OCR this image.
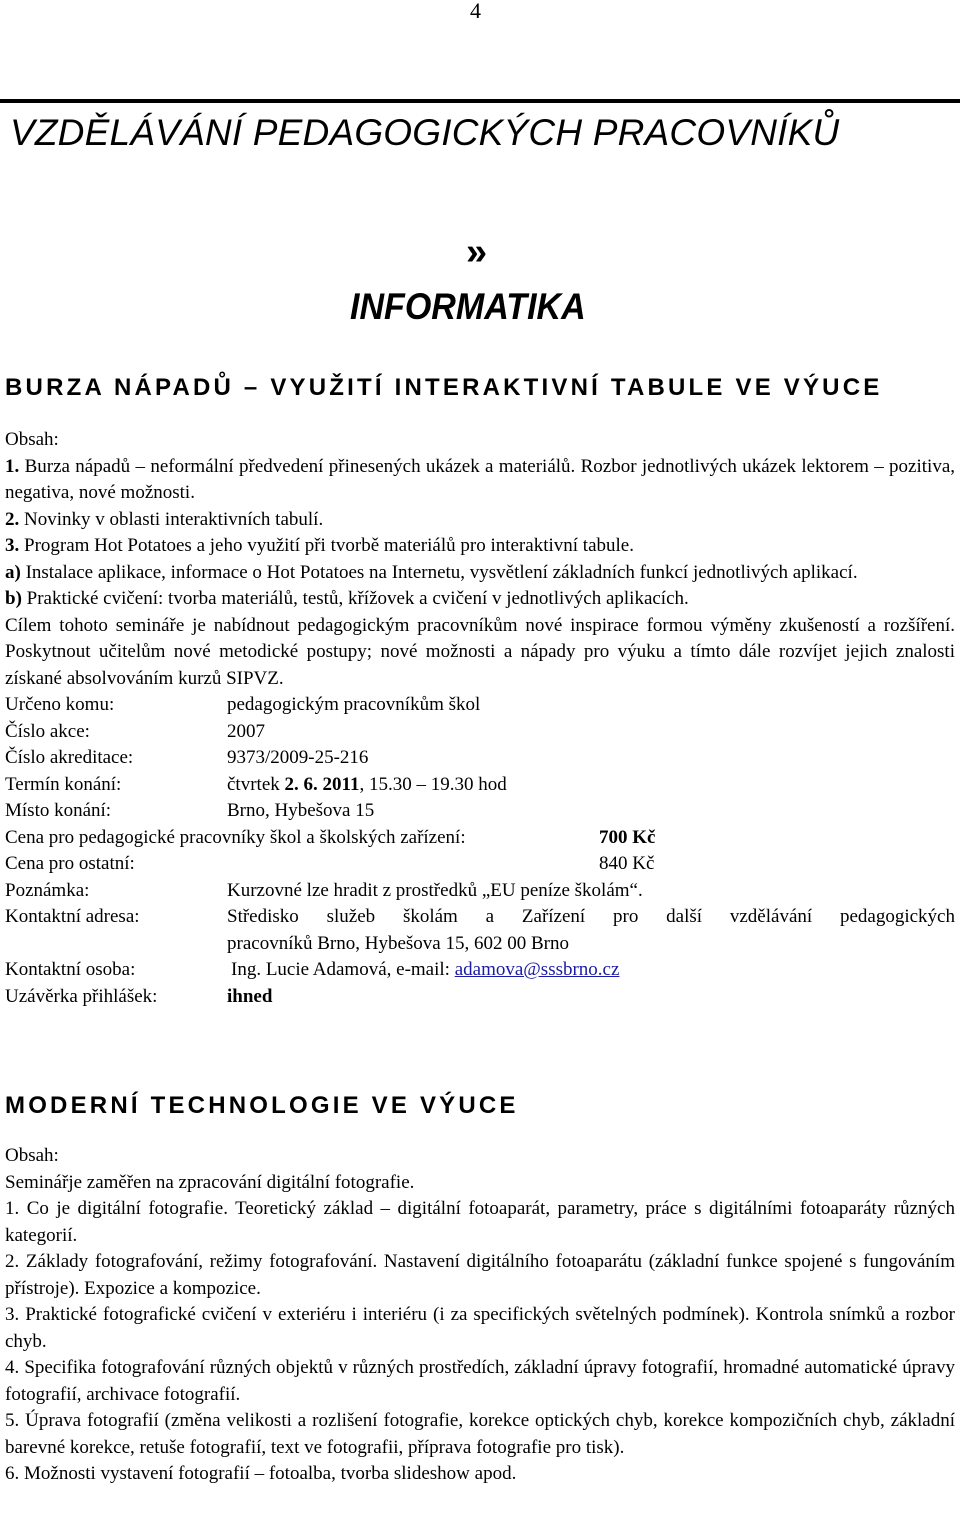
4
VZDĚLÁVÁNÍ PEDAGOGICKÝCH PRACOVNÍKŮ
»
INFORMATIKA
BURZA NÁPADŮ – VYUŽITÍ INTERAKTIVNÍ TABULE VE VÝUCE
Obsah:
1. Burza nápadů – neformální předvedení přinesených ukázek a materiálů. Rozbor jednotlivých ukázek lektorem – pozitiva, negativa, nové možnosti.
2. Novinky v oblasti interaktivních tabulí.
3. Program Hot Potatoes a jeho využití při tvorbě materiálů pro interaktivní tabule.
a) Instalace aplikace, informace o Hot Potatoes na Internetu, vysvětlení základních funkcí jednotlivých aplikací.
b) Praktické cvičení: tvorba materiálů, testů, křížovek a cvičení v jednotlivých aplikacích.
Cílem tohoto semináře je nabídnout pedagogickým pracovníkům nové inspirace formou výměny zkušeností a rozšíření. Poskytnout učitelům nové metodické postupy; nové možnosti a nápady pro výuku a tímto dále rozvíjet jejich znalosti získané absolvováním kurzů SIPVZ.
Určeno komu:	pedagogickým pracovníkům škol
Číslo akce:	2007
Číslo akreditace:	9373/2009-25-216
Termín konání:	čtvrtek 2. 6. 2011, 15.30 – 19.30 hod
Místo konání:	Brno, Hybešova 15
Cena pro pedagogické pracovníky škol a školských zařízení:	700 Kč
Cena pro ostatní:	840 Kč
Poznámka:	Kurzovné lze hradit z prostředků „EU peníze školám“.
Kontaktní adresa:	Středisko služeb školám a Zařízení pro další vzdělávání pedagogických
pracovníků Brno, Hybešova 15, 602 00 Brno
Kontaktní osoba:	Ing. Lucie Adamová, e-mail: adamova@sssbrno.cz
Uzávěrka přihlášek:	ihned
MODERNÍ TECHNOLOGIE VE VÝUCE
Obsah:
Seminářje zaměřen na zpracování digitální fotografie.
1. Co je digitální fotografie. Teoretický základ – digitální fotoaparát, parametry, práce s digitálními fotoaparáty různých kategorií.
2. Základy fotografování, režimy fotografování. Nastavení digitálního fotoaparátu (základní funkce spojené s fungováním přístroje). Expozice a kompozice.
3. Praktické fotografické cvičení v exteriéru i interiéru (i za specifických světelných podmínek). Kontrola snímků a rozbor chyb.
4. Specifika fotografování různých objektů v různých prostředích, základní úpravy fotografií, hromadné automatické úpravy fotografií, archivace fotografií.
5. Úprava fotografií (změna velikosti a rozlišení fotografie, korekce optických chyb, korekce kompozičních chyb, základní barevné korekce, retuše fotografií, text ve fotografii, příprava fotografie pro tisk).
6. Možnosti vystavení fotografií – fotoalba, tvorba slideshow apod.
